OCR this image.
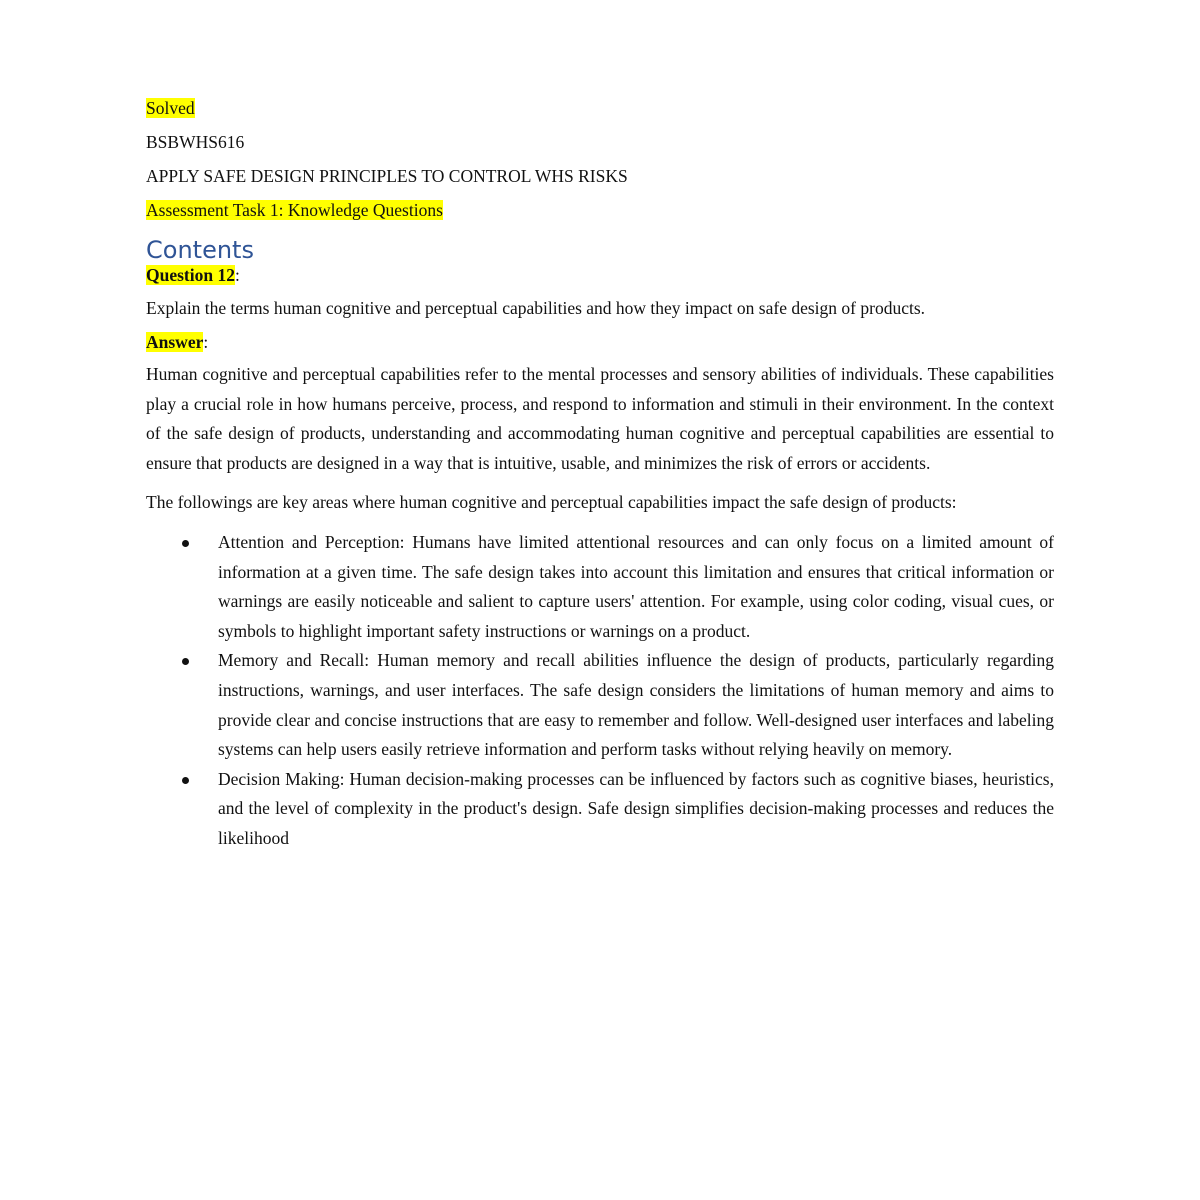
Solved

BSBWHS616

APPLY SAFE DESIGN PRINCIPLES TO CONTROL WHS RISKS

Assessment Task 1: Knowledge Questions

Contents

Question 12:

Explain the terms human cognitive and perceptual capabilities and how they impact on safe design of products.

Answer:

Human cognitive and perceptual capabilities refer to the mental processes and sensory abilities of individuals. These capabilities play a crucial role in how humans perceive, process, and respond to information and stimuli in their environment. In the context of the safe design of products, understanding and accommodating human cognitive and perceptual capabilities are essential to ensure that products are designed in a way that is intuitive, usable, and minimizes the risk of errors or accidents.

The followings are key areas where human cognitive and perceptual capabilities impact the safe design of products:

Attention and Perception: Humans have limited attentional resources and can only focus on a limited amount of information at a given time. The safe design takes into account this limitation and ensures that critical information or warnings are easily noticeable and salient to capture users' attention. For example, using color coding, visual cues, or symbols to highlight important safety instructions or warnings on a product.
Memory and Recall: Human memory and recall abilities influence the design of products, particularly regarding instructions, warnings, and user interfaces. The safe design considers the limitations of human memory and aims to provide clear and concise instructions that are easy to remember and follow. Well-designed user interfaces and labeling systems can help users easily retrieve information and perform tasks without relying heavily on memory.
Decision Making: Human decision-making processes can be influenced by factors such as cognitive biases, heuristics, and the level of complexity in the product's design. Safe design simplifies decision-making processes and reduces the likelihood
